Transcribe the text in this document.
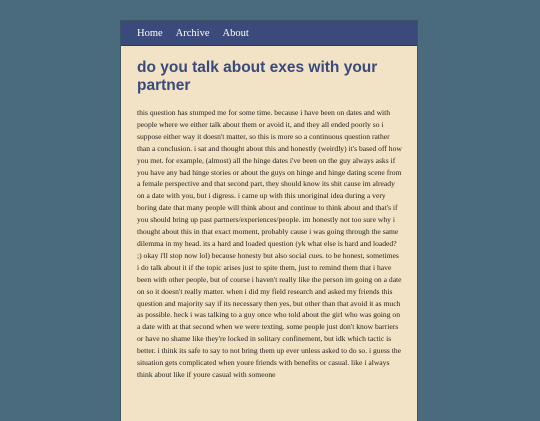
Home Archive About
do you talk about exes with your partner

this question has stumped me for some time. because i have been on dates and with people where we either talk about them or avoid it, and they all ended poorly so i suppose either way it doesn't matter, so this is more so a continuous question rather than a conclusion. i sat and thought about this and honestly (weirdly) it's based off how you met. for example, (almost) all the hinge dates i've been on the guy always asks if you have any bad hinge stories or about the guys on hinge and hinge dating scene from a female perspective and that second part, they should know its shit cause im already on a date with you, but i digress. i came up with this unoriginal idea during a very boring date that many people will think about and continue to think about and that's if you should bring up past partners/experiences/people. im honestly not too sure why i thought about this in that exact moment, probably cause i was going through the same dilemma in my head. its a hard and loaded question (yk what else is hard and loaded? ;) okay i'll stop now lol) because honesty but also social cues. to be honest, sometimes i do talk about it if the topic arises just to spite them, just to remind them that i have been with other people, but of course i haven't really like the person im going on a date on so it doesn't really matter. when i did my field research and asked my friends this question and majority say if its necessary then yes, but other than that avoid it as much as possible. heck i was talking to a guy once who told about the girl who was going on a date with at that second when we were texting. some people just don't know barriers or have no shame like they're locked in solitary confinement, but idk which tactic is better. i think its safe to say to not bring them up ever unless asked to do so. i guess the situation gets complicated when youre friends with benefits or casual. like i always think about like if youre casual with someone
